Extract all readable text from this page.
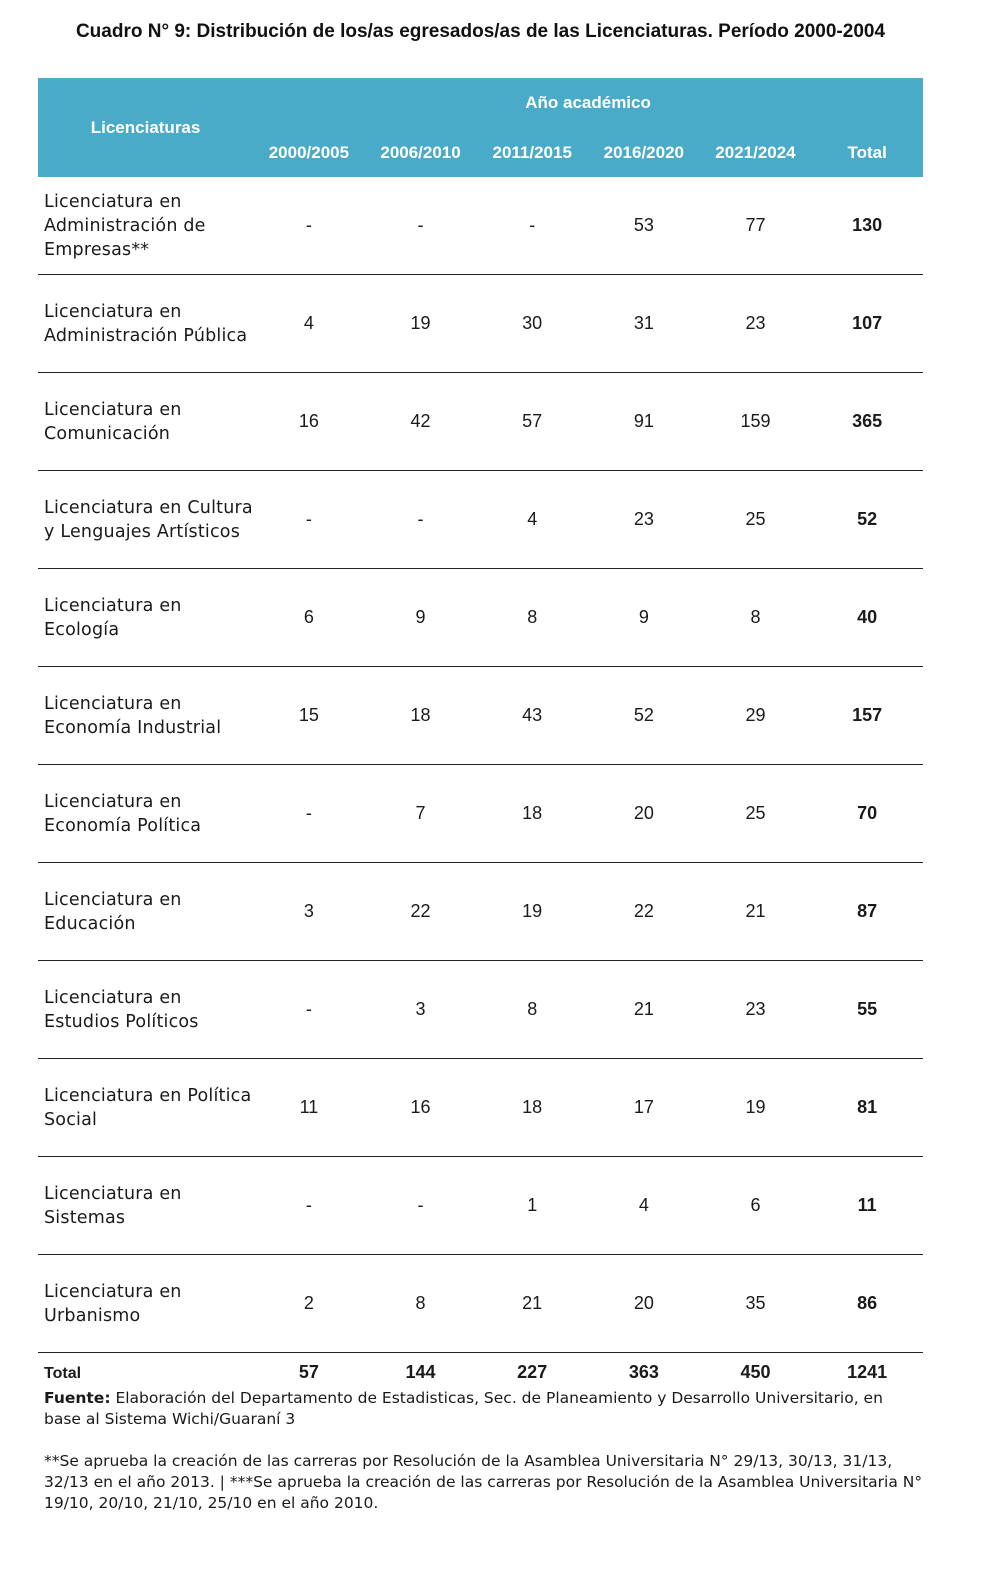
Cuadro N° 9: Distribución de los/as egresados/as de las Licenciaturas. Período 2000-2004
Licenciaturas	Año académico					
	2000/2005	2006/2010	2011/2015	2016/2020	2021/2024	Total
Licenciatura en Administración de Empresas**	-	-	-	53	77	130
Licenciatura en Administración Pública	4	19	30	31	23	107
Licenciatura en Comunicación	16	42	57	91	159	365
Licenciatura en Cultura y Lenguajes Artísticos	-	-	4	23	25	52
Licenciatura en Ecología	6	9	8	9	8	40
Licenciatura en Economía Industrial	15	18	43	52	29	157
Licenciatura en Economía Política	-	7	18	20	25	70
Licenciatura en Educación	3	22	19	22	21	87
Licenciatura en Estudios Políticos	-	3	8	21	23	55
Licenciatura en Política Social	11	16	18	17	19	81
Licenciatura en Sistemas	-	-	1	4	6	11
Licenciatura en Urbanismo	2	8	21	20	35	86
Total	57	144	227	363	450	1241

Fuente: Elaboración del Departamento de Estadisticas, Sec. de Planeamiento y Desarrollo Universitario, en base al Sistema Wichi/Guaraní 3

**Se aprueba la creación de las carreras por Resolución de la Asamblea Universitaria N° 29/13, 30/13, 31/13, 32/13 en el año 2013. | ***Se aprueba la creación de las carreras por Resolución de la Asamblea Universitaria N° 19/10, 20/10, 21/10, 25/10 en el año 2010.
